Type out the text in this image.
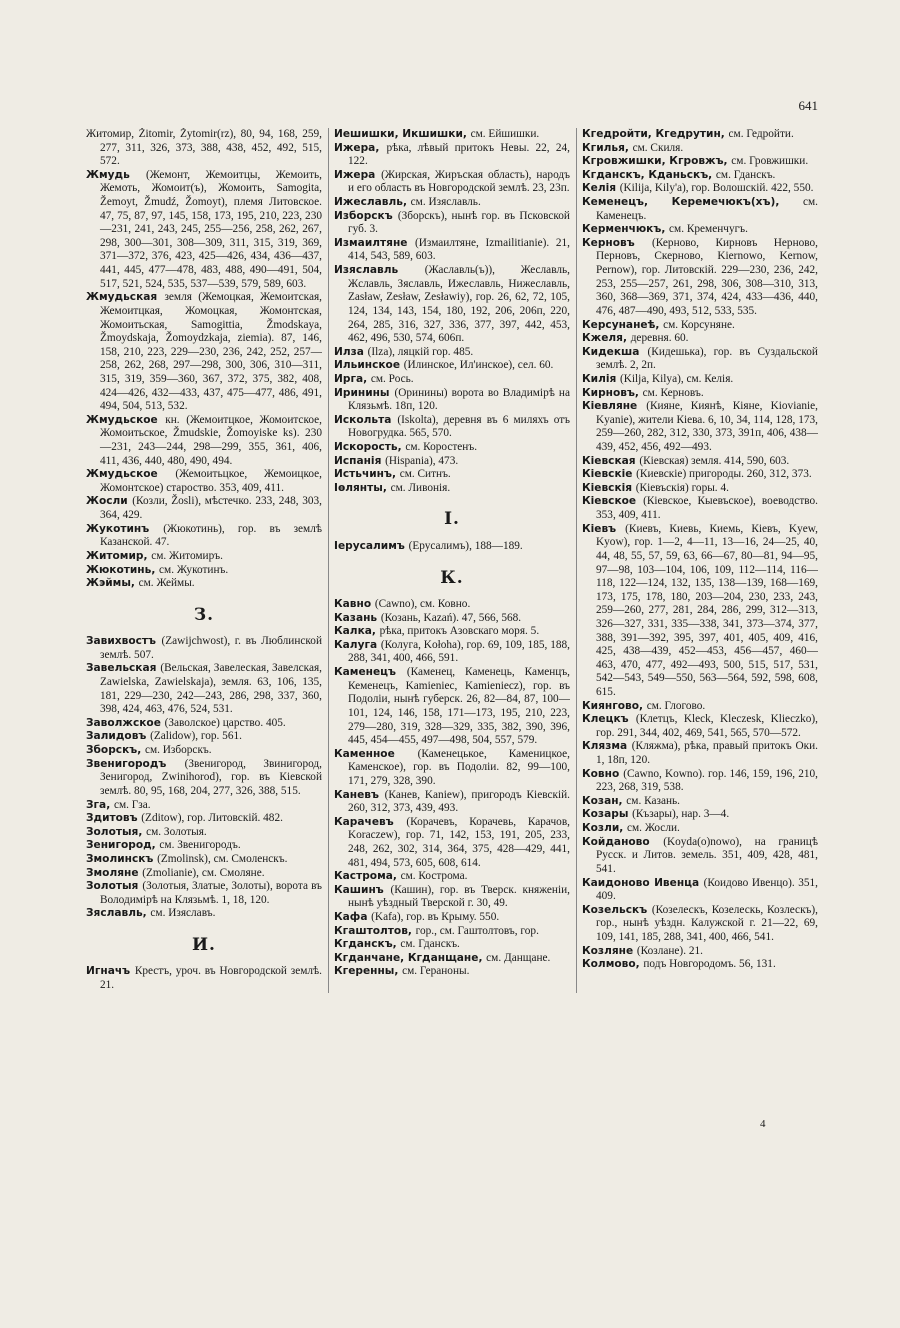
641

Житомир, Žitomir, Žytomir(rz), 80, 94, 168, 259, 277, 311, 326, 373, 388, 438, 452, 492, 515, 572.

Жмудь (Жемонт, Жемоитцы, Жемоить, Жемоть, Жомоит(ъ), Жомоить, Samogita, Žemoyt, Žmudź, Žomoyt), племя Литовское. 47, 75, 87, 97, 145, 158, 173, 195, 210, 223, 230—231, 241, 243, 245, 255—256, 258, 262, 267, 298, 300—301, 308—309, 311, 315, 319, 369, 371—372, 376, 423, 425—426, 434, 436—437, 441, 445, 477—478, 483, 488, 490—491, 504, 517, 521, 524, 535, 537—539, 579, 589, 603.

Жмудьская земля (Жемоцкая, Жемоитская, Жемоитцкая, Жомоцкая, Жомонтская, Жомоитьская, Samogittia, Žmodskaya, Žmoydskaja, Žomoydzkaja, ziemia). 87, 146, 158, 210, 223, 229—230, 236, 242, 252, 257—258, 262, 268, 297—298, 300, 306, 310—311, 315, 319, 359—360, 367, 372, 375, 382, 408, 424—426, 432—433, 437, 475—477, 486, 491, 494, 504, 513, 532.

Жмудьское кн. (Жемоитцкое, Жомоитское, Жомоитьское, Žmudskie, Žomoyiske ks). 230—231, 243—244, 298—299, 355, 361, 406, 411, 436, 440, 480, 490, 494.

Жмудьское (Жемоитьцкое, Жемоицкое, Жомонтское) староство. 353, 409, 411.

Жосли (Козли, Žosli), мѣстечко. 233, 248, 303, 364, 429.

Жукотинъ (Жюкотинь), гор. въ землѣ Казанской. 47.

Житомир, см. Житомиръ.

Жюкотинь, см. Жукотинъ.

Жэймы, см. Жеймы.

З.

Завихвостъ (Zawijchwost), г. въ Люблинской землѣ. 507.

Завельская (Вельская, Завелеская, Завелская, Zawielska, Zawielskaja), земля. 63, 106, 135, 181, 229—230, 242—243, 286, 298, 337, 360, 398, 424, 463, 476, 524, 531.

Заволжское (Заволское) царство. 405.

Залидовъ (Zalidow), гор. 561.

Зборскъ, см. Изборскъ.

Звенигородъ (Звенигород, Звинигород, Зенигород, Zwinihorod), гор. въ Кіевской землѣ. 80, 95, 168, 204, 277, 326, 388, 515.

Зга, см. Гза.

Здитовъ (Zditow), гор. Литовскій. 482.

Золотыя, см. Золотыя.

Зенигород, см. Звенигородъ.

Змолинскъ (Zmolinsk), см. Смоленскъ.

Змоляне (Zmolianie), см. Смоляне.

Золотыя (Золотыя, Златые, Золоты), ворота въ Володимірѣ на Клязьмѣ. 1, 18, 120.

Зяславль, см. Изяславъ.

И.

Игначъ Крестъ, уроч. въ Новгородской землѣ. 21.

Иешишки, Икшишки, см. Ейшишки.

Ижера, рѣка, лѣвый притокъ Невы. 22, 24, 122.

Ижера (Жирская, Жиръская область), народъ и его область въ Новгородской землѣ. 23, 23п.

Ижеславль, см. Изяславль.

Изборскъ (Зборскъ), нынѣ гор. въ Псковской губ. 3.

Измаилтяне (Измаилтяне, Izmailitianie). 21, 414, 543, 589, 603.

Изяславль (Жаславль(ъ)), Жеславль, Жславль, Зяславль, Ижеславль, Нижеславль, Zasław, Zesław, Zesławiy), гор. 26, 62, 72, 105, 124, 134, 143, 154, 180, 192, 206, 206п, 220, 264, 285, 316, 327, 336, 377, 397, 442, 453, 462, 496, 530, 574, 606п.

Илза (Ilza), ляцкій гор. 485.

Ильинское (Илинское, Ил'инское), сел. 60.

Ирга, см. Рось.

Иринины (Оринины) ворота во Владимірѣ на Клязьмѣ. 18п, 120.

Искольта (Iskolta), деревня въ 6 миляхъ отъ Новогрудка. 565, 570.

Искорость, см. Коростенъ.

Испанія (Hispania), 473.

Истьчинъ, см. Ситнъ.

Іөлянты, см. Ливонія.

I.

Іерусалимъ (Ерусалимъ), 188—189.

К.

Кавно (Cawno), см. Ковно.

Казань (Козань, Kazań). 47, 566, 568.

Калка, рѣка, притокъ Азовскаго моря. 5.

Калуга (Колуга, Kołoha), гор. 69, 109, 185, 188, 288, 341, 400, 466, 591.

Каменецъ (Каменец, Каменець, Каменцъ, Кеменецъ, Kamieniec, Kamieniecz), гор. въ Подоліи, нынѣ губерск. 26, 82—84, 87, 100—101, 124, 146, 158, 171—173, 195, 210, 223, 279—280, 319, 328—329, 335, 382, 390, 396, 445, 454—455, 497—498, 504, 557, 579.

Каменное (Каменецькое, Каменицкое, Каменское), гор. въ Подоліи. 82, 99—100, 171, 279, 328, 390.

Каневъ (Канев, Kaniew), пригородъ Кіевскій. 260, 312, 373, 439, 493.

Карачевъ (Корачевъ, Корачевь, Карачов, Koraczew), гор. 71, 142, 153, 191, 205, 233, 248, 262, 302, 314, 364, 375, 428—429, 441, 481, 494, 573, 605, 608, 614.

Кастрома, см. Кострома.

Кашинъ (Кашин), гор. въ Тверск. княженіи, нынѣ уѣздный Тверской г. 30, 49.

Кафа (Kafa), гор. въ Крыму. 550.

Кгаштолтов, гор., см. Гаштолтовъ, гор.

Кгданскъ, см. Гданскъ.

Кгданчане, Кгданщане, см. Данщане.

Кгеренны, см. Гераноны.

Кгедройти, Кгедрутин, см. Гедройти.

Кгилья, см. Скиля.

Кгровжишки, Кгровжъ, см. Гровжишки.

Кгданскъ, Кданьскъ, см. Гданскъ.

Келія (Kilija, Kily'a), гор. Волошскій. 422, 550.

Кеменецъ, Керемечюкъ(хъ), см. Каменецъ.

Керменчюкъ, см. Кременчугъ.

Керновъ (Керново, Кирновъ Нерново, Перновъ, Скерново, Kiernowo, Kernow, Pernow), гор. Литовскій. 229—230, 236, 242, 253, 255—257, 261, 298, 306, 308—310, 313, 360, 368—369, 371, 374, 424, 433—436, 440, 476, 487—490, 493, 512, 533, 535.

Керсунанеѣ, см. Корсуняне.

Кжеля, деревня. 60.

Кидекша (Кидешька), гор. въ Суздальской землѣ. 2, 2п.

Килія (Kilja, Kilya), см. Келія.

Кирновъ, см. Керновъ.

Кіевляне (Кияне, Киянѣ, Кіяне, Kiovianie, Kyanie), жители Кіева. 6, 10, 34, 114, 128, 173, 259—260, 282, 312, 330, 373, 391п, 406, 438—439, 452, 456, 492—493.

Кіевская (Кіевская) земля. 414, 590, 603.

Кіевскіе (Киевскіе) пригороды. 260, 312, 373.

Кіевскія (Кіевъскія) горы. 4.

Кіевское (Кіевское, Кыевъское), воеводство. 353, 409, 411.

Кіевъ (Киевъ, Киевь, Киемь, Кіевъ, Kyew, Kyow), гор. 1—2, 4—11, 13—16, 24—25, 40, 44, 48, 55, 57, 59, 63, 66—67, 80—81, 94—95, 97—98, 103—104, 106, 109, 112—114, 116—118, 122—124, 132, 135, 138—139, 168—169, 173, 175, 178, 180, 203—204, 230, 233, 243, 259—260, 277, 281, 284, 286, 299, 312—313, 326—327, 331, 335—338, 341, 373—374, 377, 388, 391—392, 395, 397, 401, 405, 409, 416, 425, 438—439, 452—453, 456—457, 460—463, 470, 477, 492—493, 500, 515, 517, 531, 542—543, 549—550, 563—564, 592, 598, 608, 615.

Киянгово, см. Глогово.

Клецкъ (Клетцъ, Kleck, Kleczesk, Klieczko), гор. 291, 344, 402, 469, 541, 565, 570—572.

Клязма (Кляжма), рѣка, правый притокъ Оки. 1, 18п, 120.

Ковно (Cawno, Kowno). гор. 146, 159, 196, 210, 223, 268, 319, 538.

Козан, см. Казань.

Козары (Къзары), нар. 3—4.

Козли, см. Жосли.

Койданово (Koyda(o)nowo), на границѣ Русск. и Литов. земель. 351, 409, 428, 481, 541.

Каидоново Ивенца (Коидово Ивенцо). 351, 409.

Козельскъ (Козелескъ, Козелескь, Козлескъ), гор., нынѣ уѣздн. Калужской г. 21—22, 69, 109, 141, 185, 288, 341, 400, 466, 541.

Козляне (Козлане). 21.

Колмово, подъ Новгородомъ. 56, 131.

4
